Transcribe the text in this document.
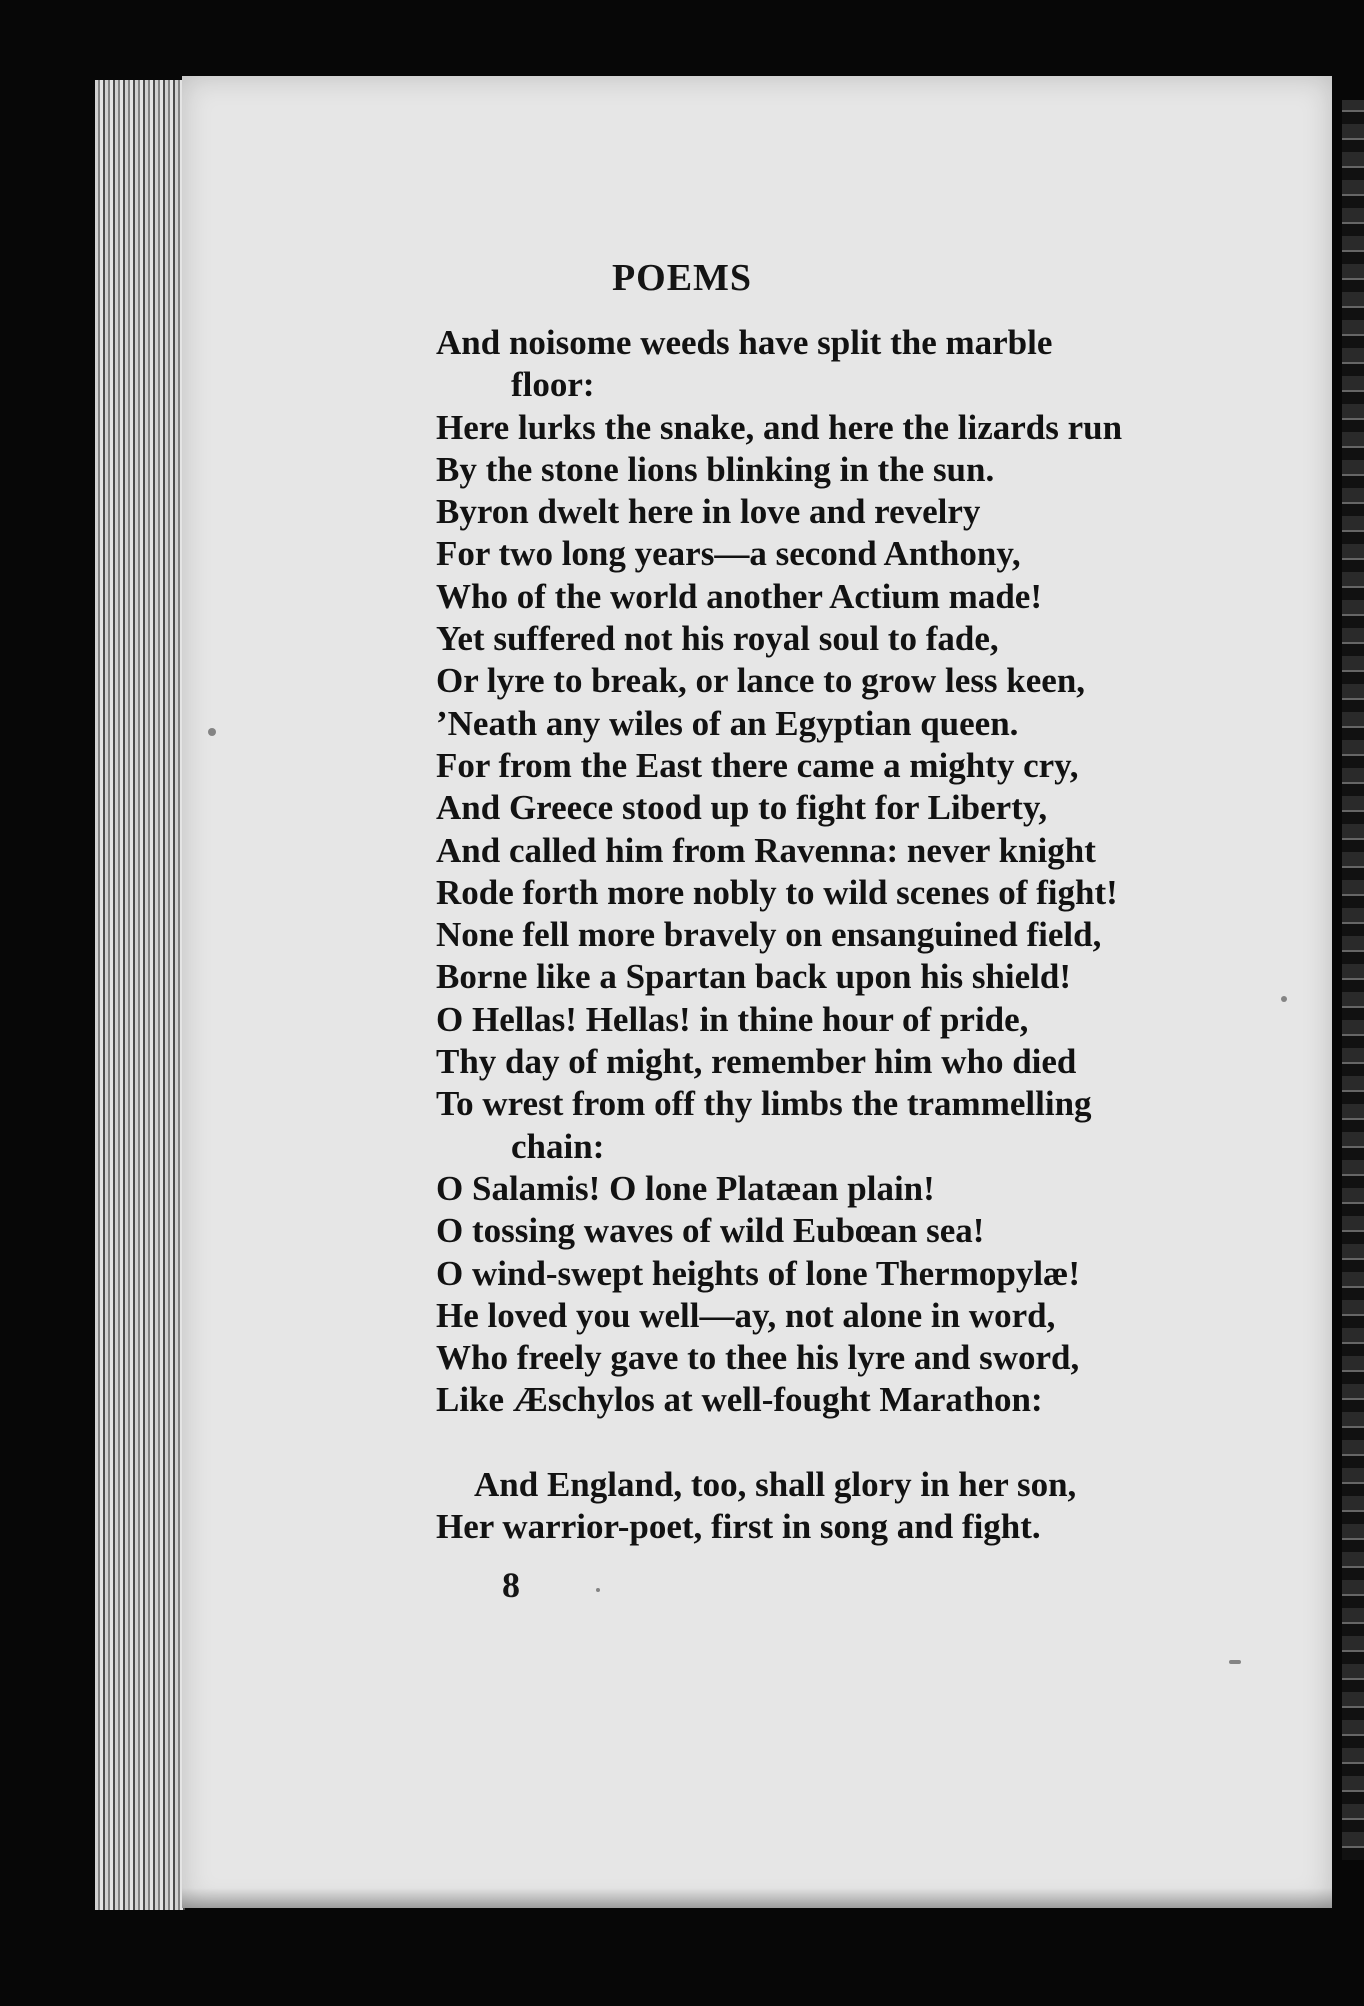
POEMS
And noisome weeds have split the marble
floor:
Here lurks the snake, and here the lizards run
By the stone lions blinking in the sun.
Byron dwelt here in love and revelry
For two long years—a second Anthony,
Who of the world another Actium made!
Yet suffered not his royal soul to fade,
Or lyre to break, or lance to grow less keen,
’Neath any wiles of an Egyptian queen.
For from the East there came a mighty cry,
And Greece stood up to fight for Liberty,
And called him from Ravenna: never knight
Rode forth more nobly to wild scenes of fight!
None fell more bravely on ensanguined field,
Borne like a Spartan back upon his shield!
O Hellas! Hellas! in thine hour of pride,
Thy day of might, remember him who died
To wrest from off thy limbs the trammelling
chain:
O Salamis! O lone Platæan plain!
O tossing waves of wild Eubœan sea!
O wind-swept heights of lone Thermopylæ!
He loved you well—ay, not alone in word,
Who freely gave to thee his lyre and sword,
Like Æschylos at well-fought Marathon:
And England, too, shall glory in her son,
Her warrior-poet, first in song and fight.
8
